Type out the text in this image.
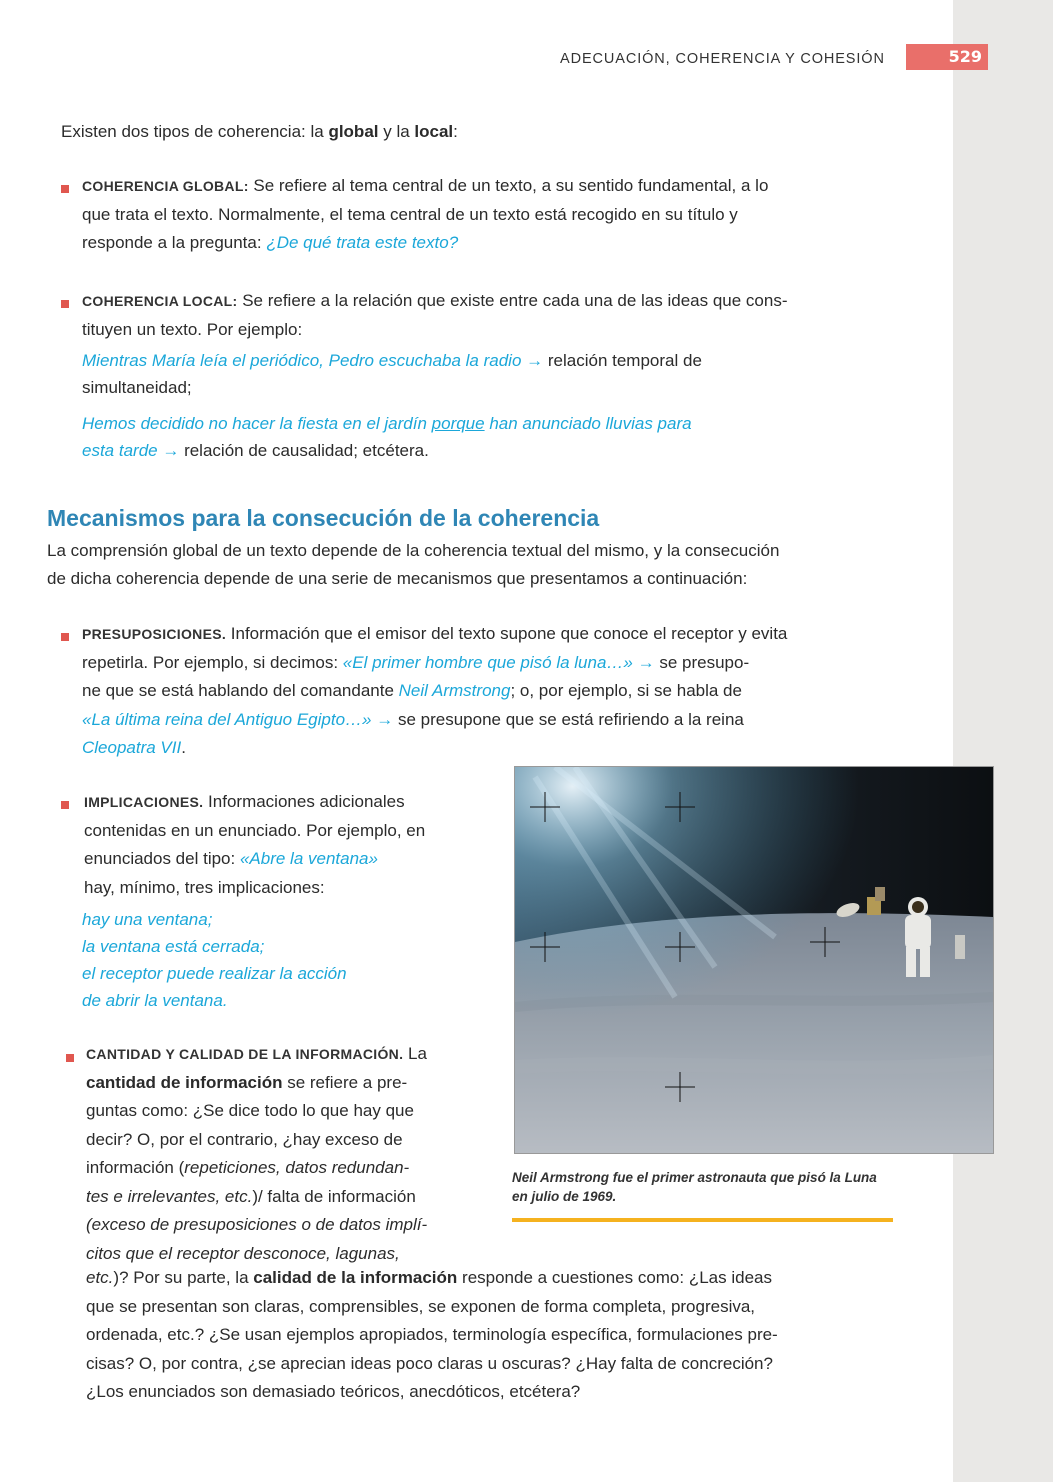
ADECUACIÓN, COHERENCIA Y COHESIÓN	529
Existen dos tipos de coherencia: la global y la local:
COHERENCIA GLOBAL: Se refiere al tema central de un texto, a su sentido fundamental, a lo
que trata el texto. Normalmente, el tema central de un texto está recogido en su título y
responde a la pregunta: ¿De qué trata este texto?
COHERENCIA LOCAL: Se refiere a la relación que existe entre cada una de las ideas que cons-
tituyen un texto. Por ejemplo:
Mientras María leía el periódico, Pedro escuchaba la radio → relación temporal de
simultaneidad;
Hemos decidido no hacer la fiesta en el jardín porque han anunciado lluvias para
esta tarde → relación de causalidad; etcétera.
Mecanismos para la consecución de la coherencia
La comprensión global de un texto depende de la coherencia textual del mismo, y la consecución
de dicha coherencia depende de una serie de mecanismos que presentamos a continuación:
PRESUPOSICIONES. Información que el emisor del texto supone que conoce el receptor y evita
repetirla. Por ejemplo, si decimos: «El primer hombre que pisó la luna…» → se presupo-
ne que se está hablando del comandante Neil Armstrong; o, por ejemplo, si se habla de
«La última reina del Antiguo Egipto…» → se presupone que se está refiriendo a la reina
Cleopatra VII.
IMPLICACIONES. Informaciones adicionales
contenidas en un enunciado. Por ejemplo, en
enunciados del tipo: «Abre la ventana»
hay, mínimo, tres implicaciones:
hay una ventana;
la ventana está cerrada;
el receptor puede realizar la acción
de abrir la ventana.
CANTIDAD Y CALIDAD DE LA INFORMACIÓN. La
cantidad de información se refiere a pre-
guntas como: ¿Se dice todo lo que hay que
decir? O, por el contrario, ¿hay exceso de
información (repeticiones, datos redundan-
tes e irrelevantes, etc.)/ falta de información
(exceso de presuposiciones o de datos implí-
citos que el receptor desconoce, lagunas,
etc.)? Por su parte, la calidad de la información responde a cuestiones como: ¿Las ideas
que se presentan son claras, comprensibles, se exponen de forma completa, progresiva,
ordenada, etc.? ¿Se usan ejemplos apropiados, terminología específica, formulaciones pre-
cisas? O, por contra, ¿se aprecian ideas poco claras u oscuras? ¿Hay falta de concreción?
¿Los enunciados son demasiado teóricos, anecdóticos, etcétera?
Neil Armstrong fue el primer astronauta que pisó la Luna en julio de 1969.
